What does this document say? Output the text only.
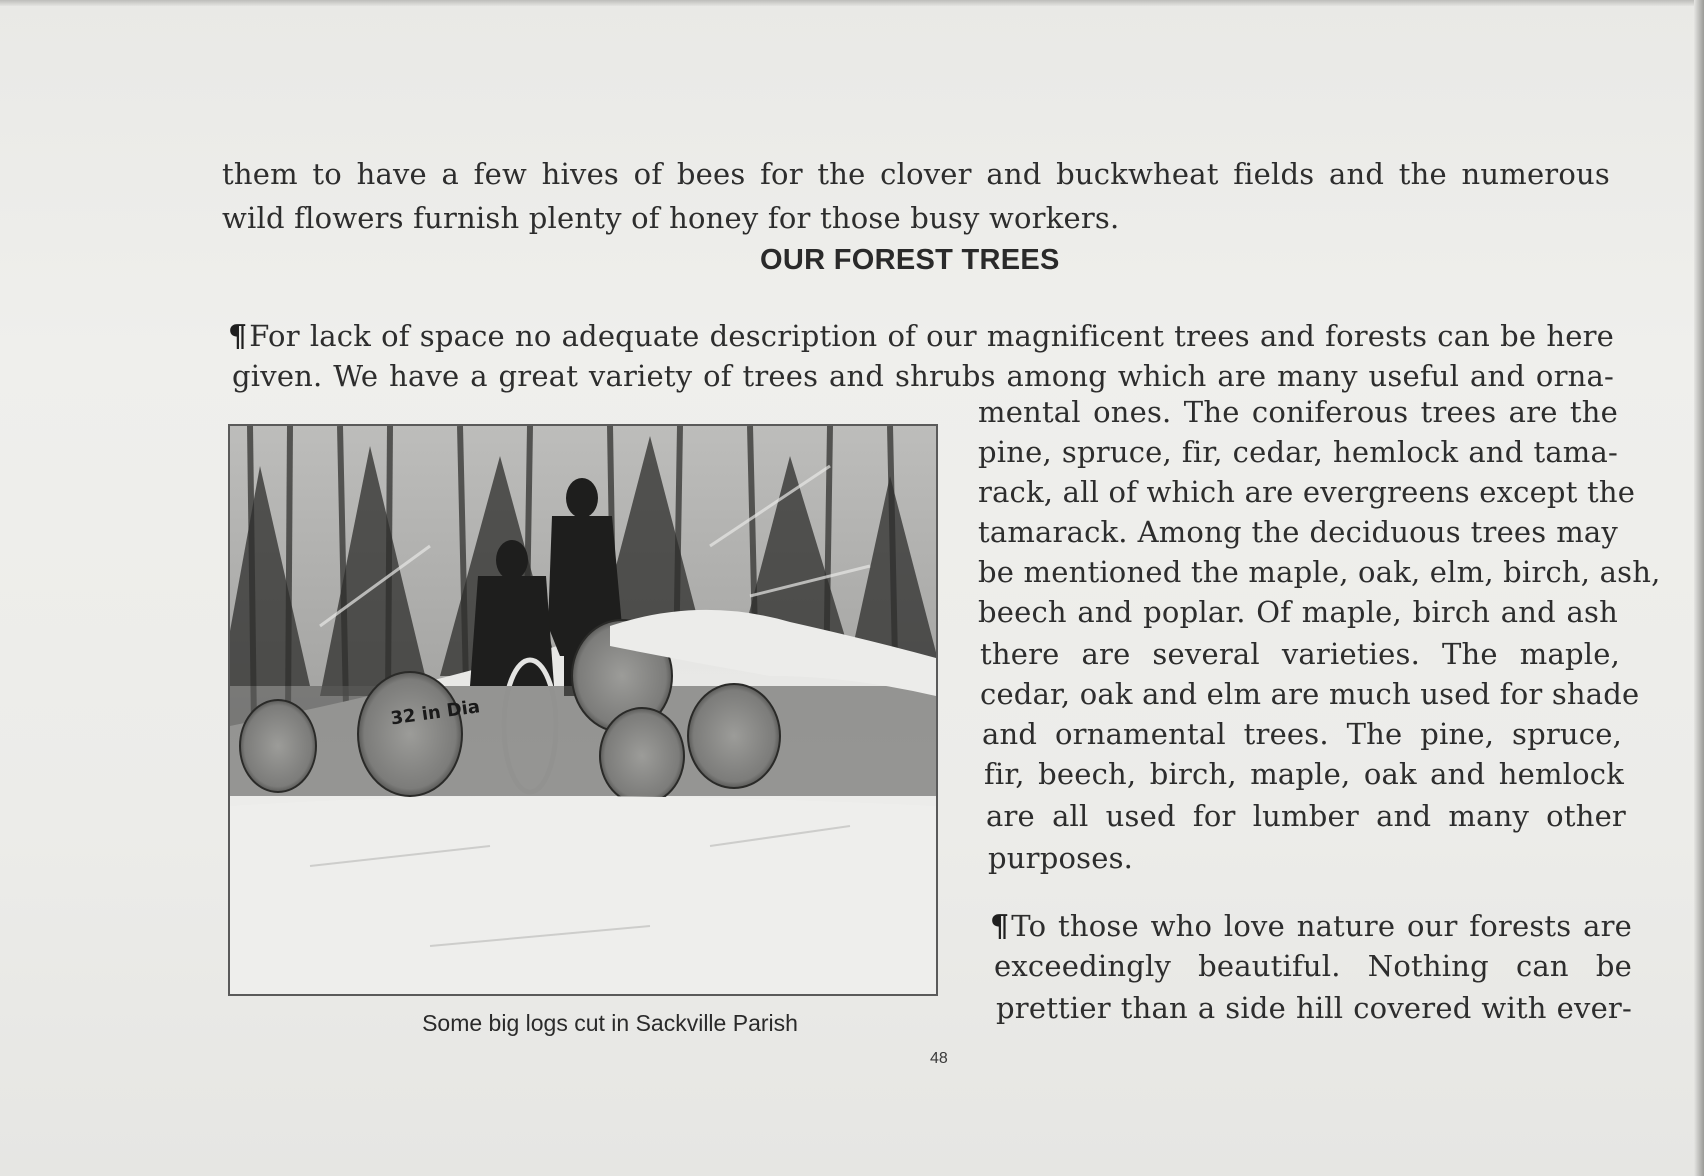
them to have a few hives of bees for the clover and buckwheat fields and the numerous
wild flowers furnish plenty of honey for those busy workers.
OUR FOREST TREES
¶For lack of space no adequate description of our magnificent trees and forests can be here
given. We have a great variety of trees and shrubs among which are many useful and orna-
mental ones. The coniferous trees are the
pine, spruce, fir, cedar, hemlock and tama-
rack, all of which are evergreens except the
tamarack. Among the deciduous trees may
be mentioned the maple, oak, elm, birch, ash,
beech and poplar. Of maple, birch and ash
there are several varieties. The maple,
cedar, oak and elm are much used for shade
and ornamental trees. The pine, spruce,
fir, beech, birch, maple, oak and hemlock
are all used for lumber and many other
purposes.
¶To those who love nature our forests are
exceedingly beautiful. Nothing can be
prettier than a side hill covered with ever-
32 in Dia
Some big logs cut in Sackville Parish
48
